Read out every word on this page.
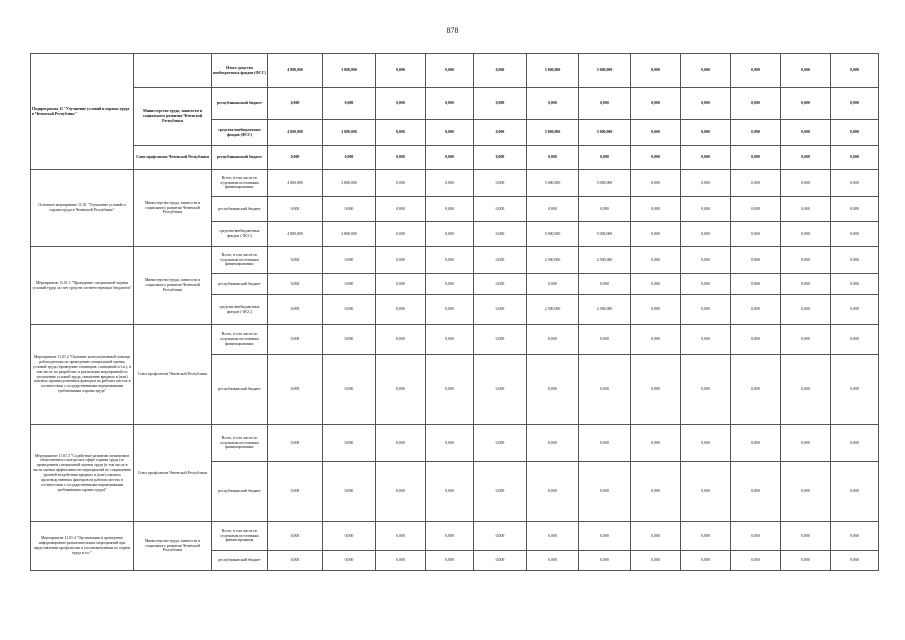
878
Подпрограмма 11 "Улучшение условий и охраны труда в Чеченской Республике"		Итого средства внебюджетных фондов (ФСС)	4 800,000	3 800,000	0,000	0,000	0,000	5 000,000	5 000,000	0,000	0,000	0,000	0,000	0,000
	Министерство труда, занятости и социального развития Чеченской Республики	республиканский бюджет	0,000	0,000	0,000	0,000	0,000	0,000	0,000	0,000	0,000	0,000	0,000	0,000
		средства внебюджетных фондов (ФСС)	4 800,000	3 800,000	0,000	0,000	0,000	5 000,000	5 000,000	0,000	0,000	0,000	0,000	0,000
	Союз профсоюзов Чеченской Республики	республиканский бюджет	0,000	0,000	0,000	0,000	0,000	0,000	0,000	0,000	0,000	0,000	0,000	0,000
Основное мероприятие 11.01 "Улучшение условий и охраны труда в Чеченской Республике"	Министерство труда, занятости и социального развития Чеченской Республики	Всего, в том числе по отдельным источникам финансирования:	4 800,000	3 800,000	0,000	0,000	0,000	5 000,000	5 000,000	0,000	0,000	0,000	0,000	0,000
		республиканский бюджет	0,000	0,000	0,000	0,000	0,000	0,000	0,000	0,000	0,000	0,000	0,000	0,000
		средства внебюджетных фондов ( ФСС)	4 800,000	3 800,000	0,000	0,000	0,000	5 000,000	5 000,000	0,000	0,000	0,000	0,000	0,000
Мероприятие 11.01.1 "Проведение специальной оценки условий труда за счет средств соответствующих бюджетов"	Министерство труда, занятости и социального развития Чеченской Республики	Всего, в том числе по отдельным источникам финансирования:	0,000	0,000	0,000	0,000	0,000	2 500,000	2 500,000	0,000	0,000	0,000	0,000	0,000
		республиканский бюджет	0,000	0,000	0,000	0,000	0,000	0,000	0,000	0,000	0,000	0,000	0,000	0,000
		средства внебюджетных фондов ( ФСС)	0,000	0,000	0,000	0,000	0,000	2 500,000	2 500,000	0,000	0,000	0,000	0,000	0,000
Мероприятие 11.01.2 "Оказание консультативной помощи работодателям по проведению специальной оценки условий труда (проведение семинаров, совещаний и т.п.), в том числе по разработке и реализации мероприятий по улучшению условий труда, снижению вредных и (или) опасных производственных факторов на рабочих местах в соответствии с государственными нормативными требованиями охраны труда"	Союз профсоюзов Чеченской Республики	Всего, в том числе по отдельным источникам финансирования:	0,000	0,000	0,000	0,000	0,000	0,000	0,000	0,000	0,000	0,000	0,000	0,000
		республиканский бюджет	0,000	0,000	0,000	0,000	0,000	0,000	0,000	0,000	0,000	0,000	0,000	0,000
Мероприятие 11.01.3 "Содействие развитию механизмов общественного контроля в сфере охраны труда (за проведением специальной оценки труда (в том числе в части оценки эффективности мероприятий по сокращению уровней воздействия вредных и (или) опасных производственных факторов на рабочих местах в соответствии с государственными нормативными требованиями охраны труда)"	Союз профсоюзов Чеченской Республики	Всего, в том числе по отдельным источникам финансирования:	0,000	0,000	0,000	0,000	0,000	0,000	0,000	0,000	0,000	0,000	0,000	0,000
		республиканский бюджет	0,000	0,000	0,000	0,000	0,000	0,000	0,000	0,000	0,000	0,000	0,000	0,000
Мероприятие 11.01.4 "Организация и проведение информационно-разъяснительных мероприятий при представлении профсоюзам и уполномоченным по охране труда и т.п."	Министерство труда, занятости и социального развития Чеченской Республики	Всего, в том числе по отдельным источникам финансирования	0,000	0,000	0,000	0,000	0,000	0,000	0,000	0,000	0,000	0,000	0,000	0,000
		республиканский бюджет	0,000	0,000	0,000	0,000	0,000	0,000	0,000	0,000	0,000	0,000	0,000	0,000
